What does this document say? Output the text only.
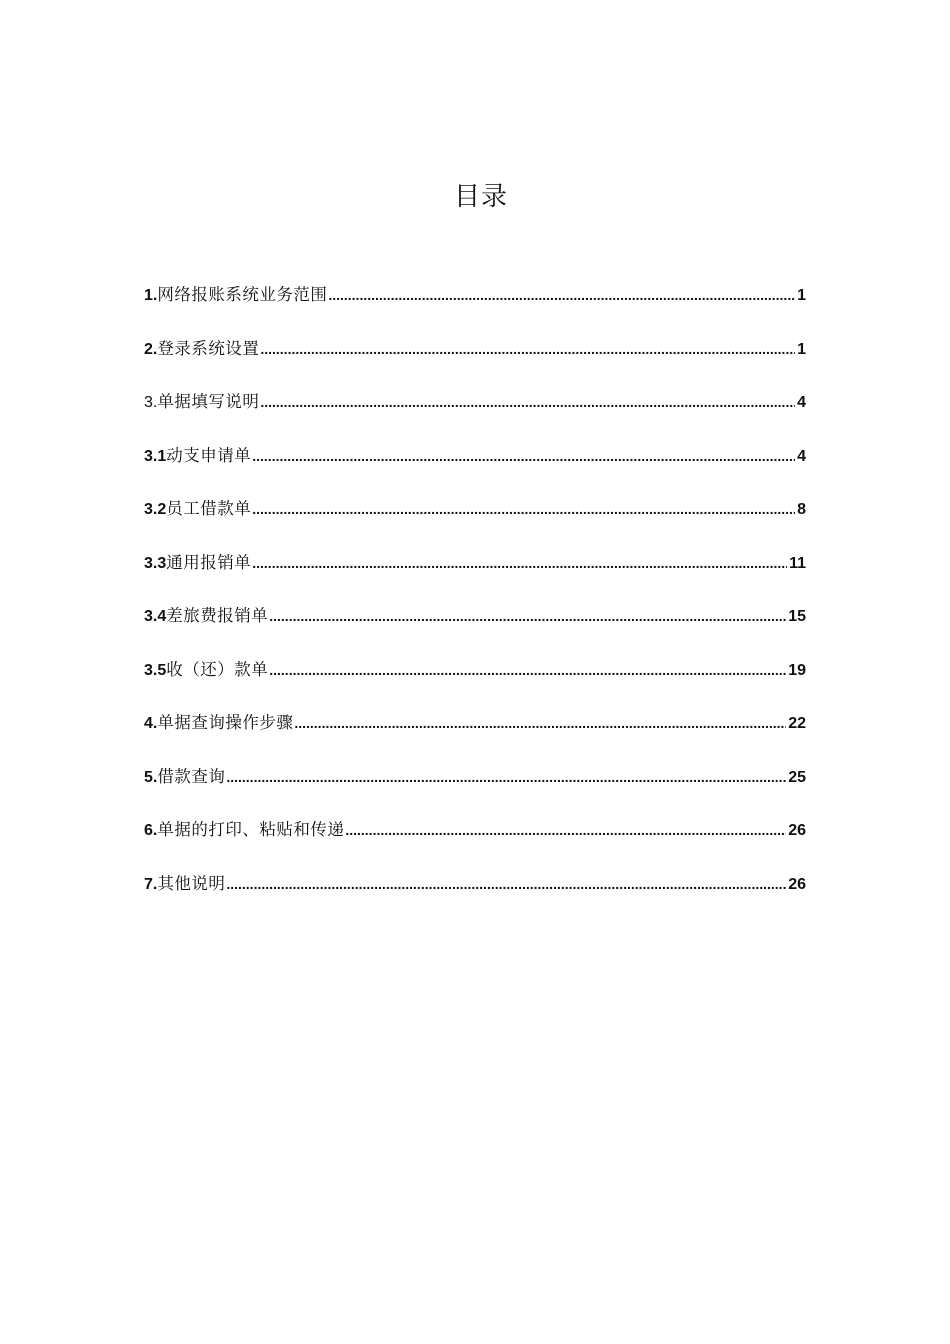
目录
1. 网络报账系统业务范围 .....	1
2. 登录系统设置 .....	1
3. 单据填写说明 .....	4
3.1 动支申请单 .....	4
3.2 员工借款单 .....	8
3.3 通用报销单 .....	11
3.4 差旅费报销单 .....	15
3.5 收（还）款单 .....	19
4. 单据查询操作步骤 .....	22
5. 借款查询 .....	25
6. 单据的打印、粘贴和传递 .....	26
7. 其他说明 .....	26
